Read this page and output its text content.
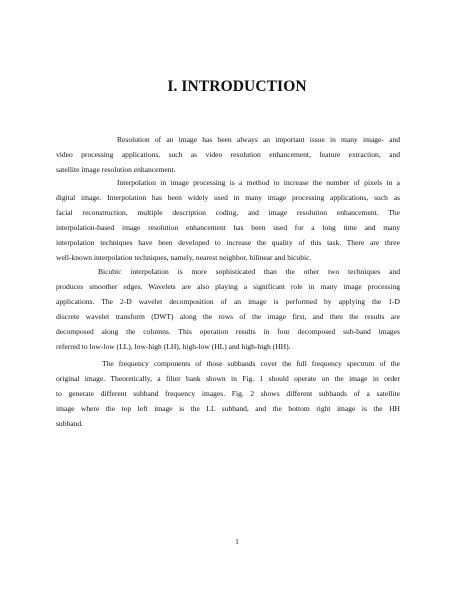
I. INTRODUCTION
Resolution of an image has been always an important issue in many image- and
video processing applications, such as video resolution enhancement, feature extraction, and
satellite image resolution enhancement.
Interpolation in image processing is a method to increase the number of pixels in a
digital image. Interpolation has been widely used in many image processing applications, such as
facial reconstruction, multiple description coding, and image resolution enhancement. The
interpolation-based image resolution enhancement has been used for a long time and many
interpolation techniques have been developed to increase the quality of this task. There are three
well-known interpolation techniques, namely, nearest neighbor, bilinear and bicubic.
Bicubic interpolation is more sophisticated than the other two techniques and
produces smoother edges. Wavelets are also playing a significant role in many image processing
applications. The 2-D wavelet decomposition of an image is performed by applying the 1-D
discrete wavelet transform (DWT) along the rows of the image first, and then the results are
decomposed along the columns. This operation results in four decomposed sub-band images
referred to low-low (LL), low-high (LH), high-low (HL) and high-high (HH).
The frequency components of those subbands cover the full frequency spectrum of the
original image. Theoretically, a filter bank shown in Fig. 1 should operate on the image in order
to generate different subband frequency images. Fig. 2 shows different subbands of a satellite
image where the top left image is the LL subband, and the bottom right image is the HH
subband.
1
